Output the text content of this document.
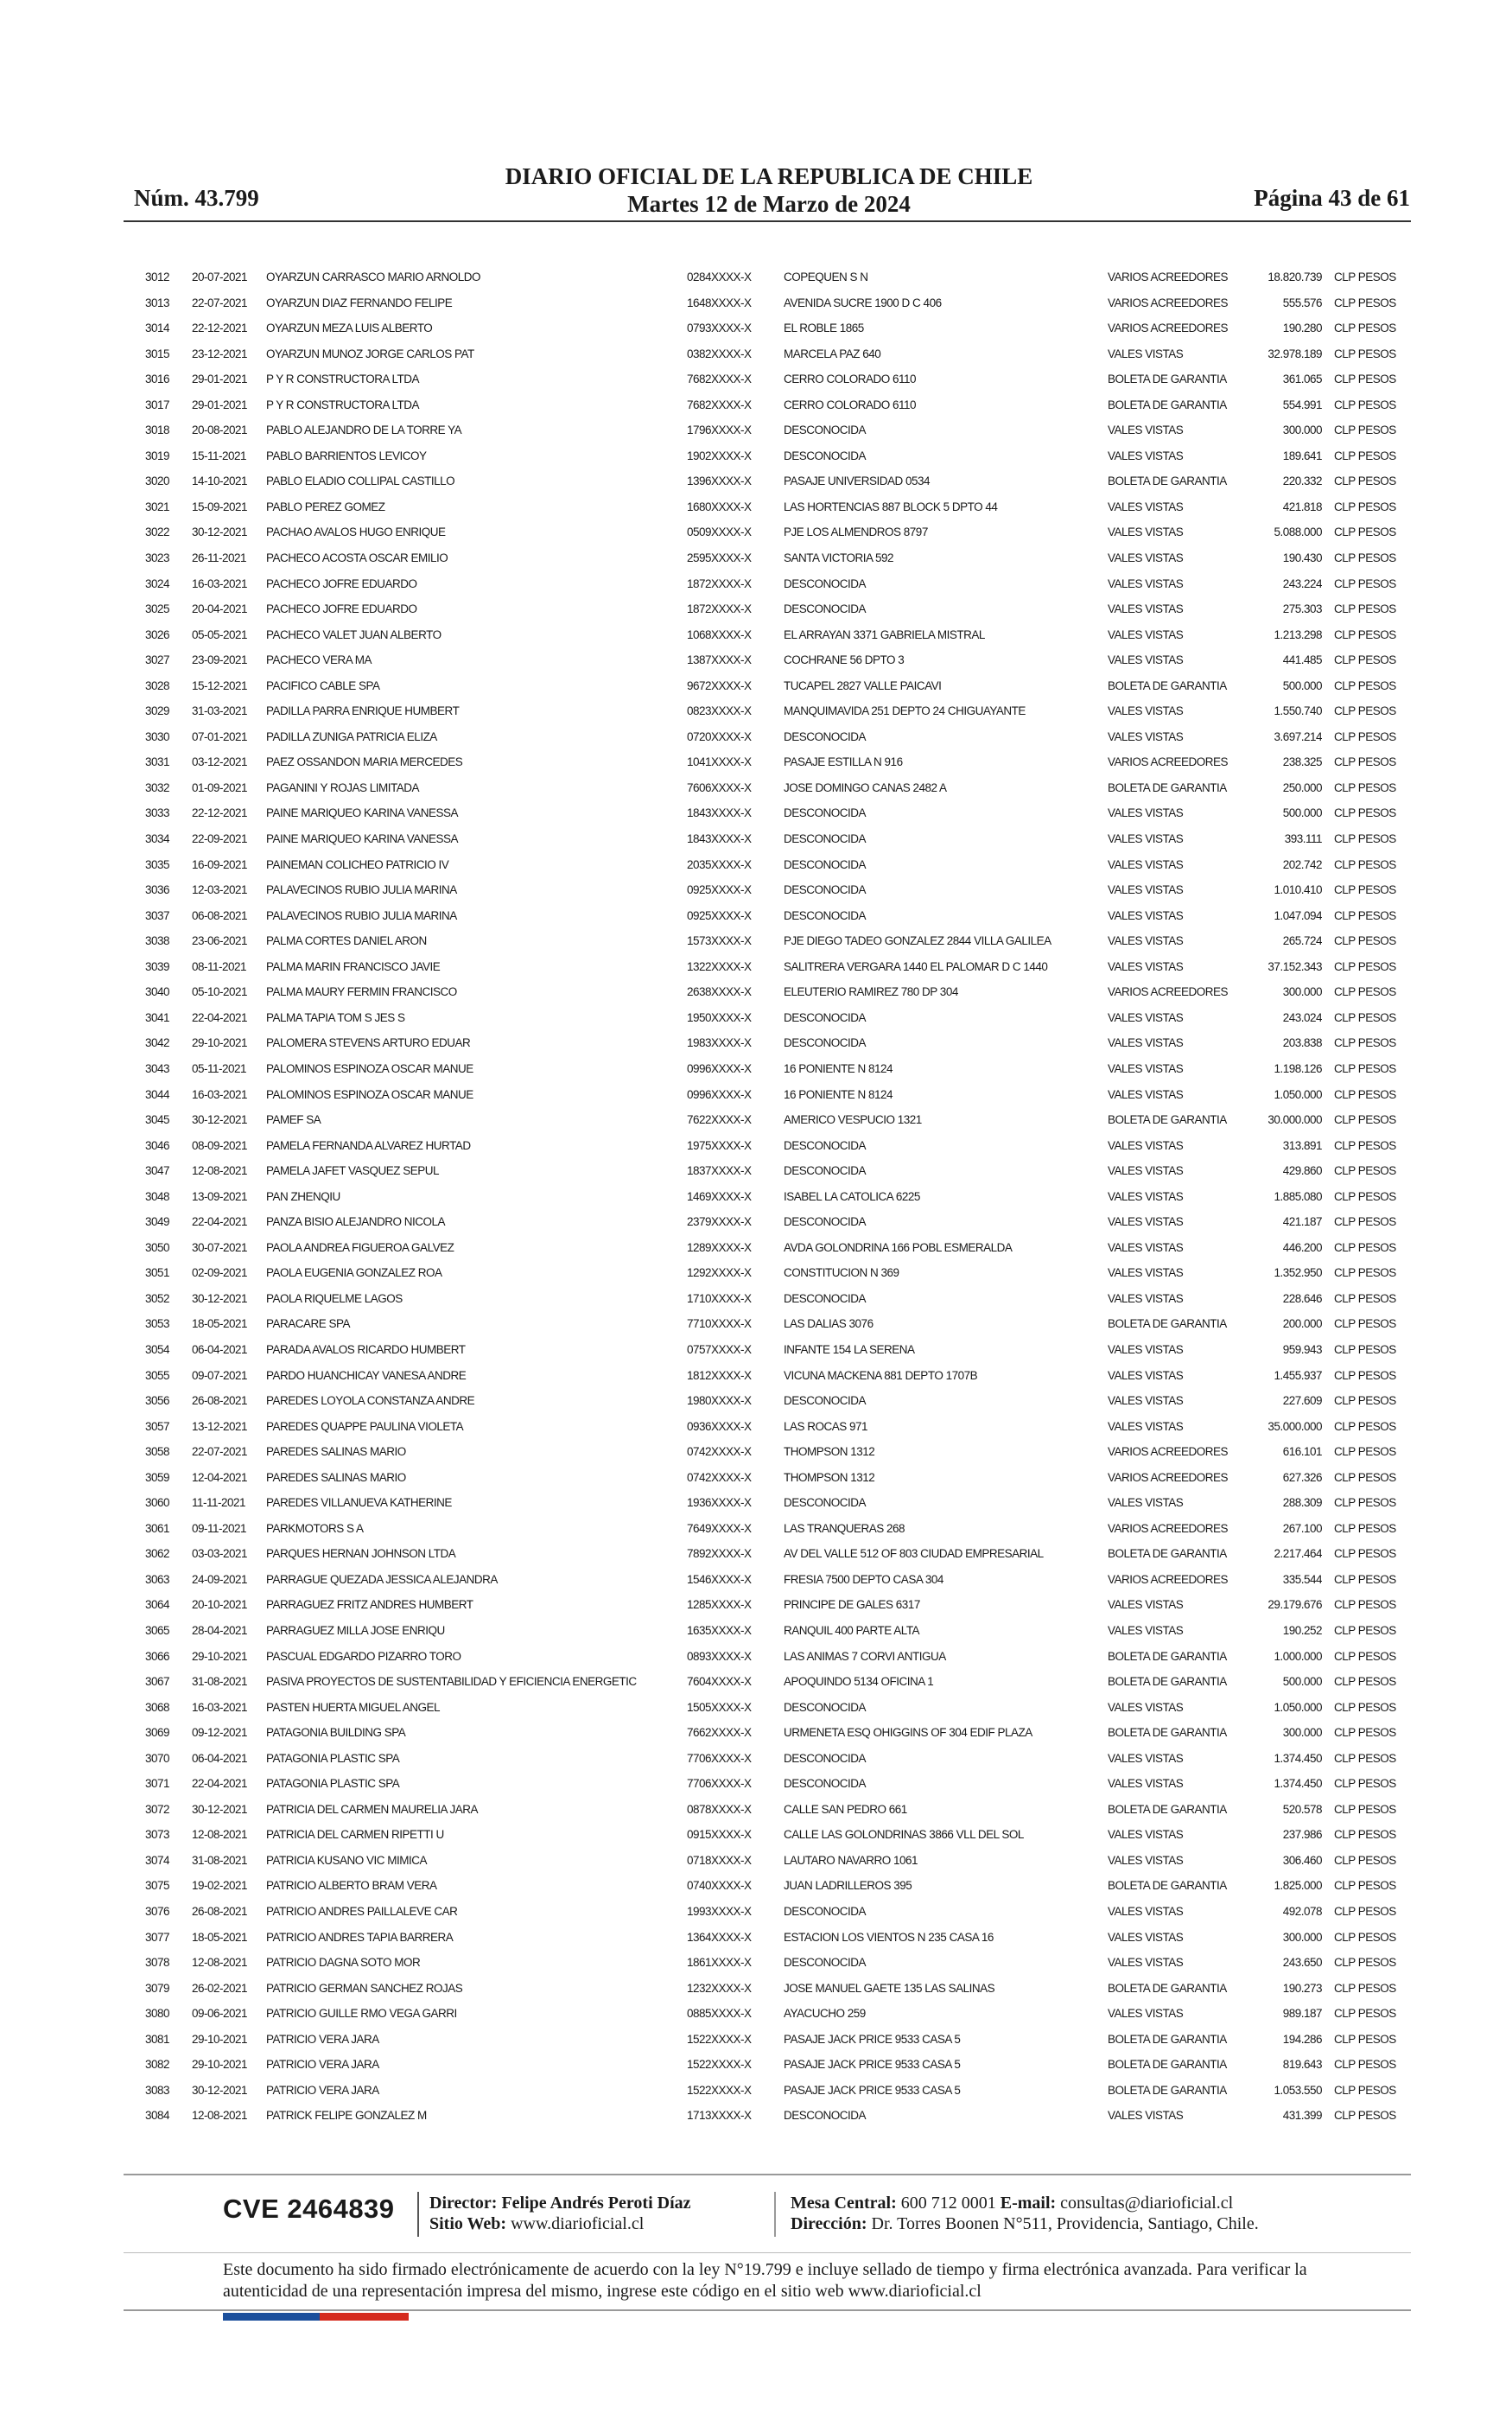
Núm. 43.799
DIARIO OFICIAL DE LA REPUBLICA DE CHILE
Martes 12 de Marzo de 2024	Página 43 de 61
3012	20-07-2021	OYARZUN CARRASCO MARIO ARNOLDO	0284XXXX-X	COPEQUEN S N	VARIOS ACREEDORES	18.820.739 CLP PESOS
3013	22-07-2021	OYARZUN DIAZ FERNANDO FELIPE	1648XXXX-X	AVENIDA SUCRE 1900 D C 406	VARIOS ACREEDORES	555.576 CLP PESOS
3014	22-12-2021	OYARZUN MEZA LUIS ALBERTO	0793XXXX-X	EL ROBLE 1865	VARIOS ACREEDORES	190.280 CLP PESOS
3015	23-12-2021	OYARZUN MUNOZ JORGE CARLOS PAT	0382XXXX-X	MARCELA PAZ 640	VALES VISTAS	32.978.189 CLP PESOS
3016	29-01-2021	P Y R CONSTRUCTORA LTDA	7682XXXX-X	CERRO COLORADO 6110	BOLETA DE GARANTIA	361.065 CLP PESOS
3017	29-01-2021	P Y R CONSTRUCTORA LTDA	7682XXXX-X	CERRO COLORADO 6110	BOLETA DE GARANTIA	554.991 CLP PESOS
3018	20-08-2021	PABLO ALEJANDRO DE LA TORRE YA	1796XXXX-X	DESCONOCIDA	VALES VISTAS	300.000 CLP PESOS
3019	15-11-2021	PABLO BARRIENTOS LEVICOY	1902XXXX-X	DESCONOCIDA	VALES VISTAS	189.641 CLP PESOS
3020	14-10-2021	PABLO ELADIO COLLIPAL CASTILLO	1396XXXX-X	PASAJE UNIVERSIDAD 0534	BOLETA DE GARANTIA	220.332 CLP PESOS
3021	15-09-2021	PABLO PEREZ GOMEZ	1680XXXX-X	LAS HORTENCIAS 887 BLOCK 5 DPTO 44	VALES VISTAS	421.818 CLP PESOS
3022	30-12-2021	PACHAO AVALOS HUGO ENRIQUE	0509XXXX-X	PJE LOS ALMENDROS 8797	VALES VISTAS	5.088.000 CLP PESOS
3023	26-11-2021	PACHECO ACOSTA OSCAR EMILIO	2595XXXX-X	SANTA VICTORIA 592	VALES VISTAS	190.430 CLP PESOS
3024	16-03-2021	PACHECO JOFRE EDUARDO	1872XXXX-X	DESCONOCIDA	VALES VISTAS	243.224 CLP PESOS
3025	20-04-2021	PACHECO JOFRE EDUARDO	1872XXXX-X	DESCONOCIDA	VALES VISTAS	275.303 CLP PESOS
3026	05-05-2021	PACHECO VALET JUAN ALBERTO	1068XXXX-X	EL ARRAYAN 3371 GABRIELA MISTRAL	VALES VISTAS	1.213.298 CLP PESOS
3027	23-09-2021	PACHECO VERA MA	1387XXXX-X	COCHRANE 56 DPTO 3	VALES VISTAS	441.485 CLP PESOS
3028	15-12-2021	PACIFICO CABLE SPA	9672XXXX-X	TUCAPEL 2827 VALLE PAICAVI	BOLETA DE GARANTIA	500.000 CLP PESOS
3029	31-03-2021	PADILLA PARRA ENRIQUE HUMBERT	0823XXXX-X	MANQUIMAVIDA 251 DEPTO 24 CHIGUAYANTE	VALES VISTAS	1.550.740 CLP PESOS
3030	07-01-2021	PADILLA ZUNIGA PATRICIA ELIZA	0720XXXX-X	DESCONOCIDA	VALES VISTAS	3.697.214 CLP PESOS
3031	03-12-2021	PAEZ OSSANDON MARIA MERCEDES	1041XXXX-X	PASAJE ESTILLA N 916	VARIOS ACREEDORES	238.325 CLP PESOS
3032	01-09-2021	PAGANINI Y ROJAS LIMITADA	7606XXXX-X	JOSE DOMINGO CANAS 2482 A	BOLETA DE GARANTIA	250.000 CLP PESOS
3033	22-12-2021	PAINE MARIQUEO KARINA VANESSA	1843XXXX-X	DESCONOCIDA	VALES VISTAS	500.000 CLP PESOS
3034	22-09-2021	PAINE MARIQUEO KARINA VANESSA	1843XXXX-X	DESCONOCIDA	VALES VISTAS	393.111 CLP PESOS
3035	16-09-2021	PAINEMAN COLICHEO PATRICIO IV	2035XXXX-X	DESCONOCIDA	VALES VISTAS	202.742 CLP PESOS
3036	12-03-2021	PALAVECINOS RUBIO JULIA MARINA	0925XXXX-X	DESCONOCIDA	VALES VISTAS	1.010.410 CLP PESOS
3037	06-08-2021	PALAVECINOS RUBIO JULIA MARINA	0925XXXX-X	DESCONOCIDA	VALES VISTAS	1.047.094 CLP PESOS
3038	23-06-2021	PALMA CORTES DANIEL ARON	1573XXXX-X	PJE DIEGO TADEO GONZALEZ 2844 VILLA GALILEA	VALES VISTAS	265.724 CLP PESOS
3039	08-11-2021	PALMA MARIN FRANCISCO JAVIE	1322XXXX-X	SALITRERA VERGARA 1440 EL PALOMAR D C 1440	VALES VISTAS	37.152.343 CLP PESOS
3040	05-10-2021	PALMA MAURY FERMIN FRANCISCO	2638XXXX-X	ELEUTERIO RAMIREZ 780 DP 304	VARIOS ACREEDORES	300.000 CLP PESOS
3041	22-04-2021	PALMA TAPIA TOM S JES S	1950XXXX-X	DESCONOCIDA	VALES VISTAS	243.024 CLP PESOS
3042	29-10-2021	PALOMERA STEVENS ARTURO EDUAR	1983XXXX-X	DESCONOCIDA	VALES VISTAS	203.838 CLP PESOS
3043	05-11-2021	PALOMINOS ESPINOZA OSCAR MANUE	0996XXXX-X	16 PONIENTE N 8124	VALES VISTAS	1.198.126 CLP PESOS
3044	16-03-2021	PALOMINOS ESPINOZA OSCAR MANUE	0996XXXX-X	16 PONIENTE N 8124	VALES VISTAS	1.050.000 CLP PESOS
3045	30-12-2021	PAMEF SA	7622XXXX-X	AMERICO VESPUCIO 1321	BOLETA DE GARANTIA	30.000.000 CLP PESOS
3046	08-09-2021	PAMELA FERNANDA ALVAREZ HURTAD	1975XXXX-X	DESCONOCIDA	VALES VISTAS	313.891 CLP PESOS
3047	12-08-2021	PAMELA JAFET VASQUEZ SEPUL	1837XXXX-X	DESCONOCIDA	VALES VISTAS	429.860 CLP PESOS
3048	13-09-2021	PAN ZHENQIU	1469XXXX-X	ISABEL LA CATOLICA 6225	VALES VISTAS	1.885.080 CLP PESOS
3049	22-04-2021	PANZA BISIO ALEJANDRO NICOLA	2379XXXX-X	DESCONOCIDA	VALES VISTAS	421.187 CLP PESOS
3050	30-07-2021	PAOLA ANDREA FIGUEROA GALVEZ	1289XXXX-X	AVDA GOLONDRINA 166 POBL ESMERALDA	VALES VISTAS	446.200 CLP PESOS
3051	02-09-2021	PAOLA EUGENIA GONZALEZ ROA	1292XXXX-X	CONSTITUCION N 369	VALES VISTAS	1.352.950 CLP PESOS
3052	30-12-2021	PAOLA RIQUELME LAGOS	1710XXXX-X	DESCONOCIDA	VALES VISTAS	228.646 CLP PESOS
3053	18-05-2021	PARACARE SPA	7710XXXX-X	LAS DALIAS 3076	BOLETA DE GARANTIA	200.000 CLP PESOS
3054	06-04-2021	PARADA AVALOS RICARDO HUMBERT	0757XXXX-X	INFANTE 154 LA SERENA	VALES VISTAS	959.943 CLP PESOS
3055	09-07-2021	PARDO HUANCHICAY VANESA ANDRE	1812XXXX-X	VICUNA MACKENA 881 DEPTO 1707B	VALES VISTAS	1.455.937 CLP PESOS
3056	26-08-2021	PAREDES LOYOLA CONSTANZA ANDRE	1980XXXX-X	DESCONOCIDA	VALES VISTAS	227.609 CLP PESOS
3057	13-12-2021	PAREDES QUAPPE PAULINA VIOLETA	0936XXXX-X	LAS ROCAS 971	VALES VISTAS	35.000.000 CLP PESOS
3058	22-07-2021	PAREDES SALINAS MARIO	0742XXXX-X	THOMPSON 1312	VARIOS ACREEDORES	616.101 CLP PESOS
3059	12-04-2021	PAREDES SALINAS MARIO	0742XXXX-X	THOMPSON 1312	VARIOS ACREEDORES	627.326 CLP PESOS
3060	11-11-2021	PAREDES VILLANUEVA KATHERINE	1936XXXX-X	DESCONOCIDA	VALES VISTAS	288.309 CLP PESOS
3061	09-11-2021	PARKMOTORS S A	7649XXXX-X	LAS TRANQUERAS 268	VARIOS ACREEDORES	267.100 CLP PESOS
3062	03-03-2021	PARQUES HERNAN JOHNSON LTDA	7892XXXX-X	AV DEL VALLE 512 OF 803 CIUDAD EMPRESARIAL	BOLETA DE GARANTIA	2.217.464 CLP PESOS
3063	24-09-2021	PARRAGUE QUEZADA JESSICA ALEJANDRA	1546XXXX-X	FRESIA 7500 DEPTO CASA 304	VARIOS ACREEDORES	335.544 CLP PESOS
3064	20-10-2021	PARRAGUEZ FRITZ ANDRES HUMBERT	1285XXXX-X	PRINCIPE DE GALES 6317	VALES VISTAS	29.179.676 CLP PESOS
3065	28-04-2021	PARRAGUEZ MILLA JOSE ENRIQU	1635XXXX-X	RANQUIL 400 PARTE ALTA	VALES VISTAS	190.252 CLP PESOS
3066	29-10-2021	PASCUAL EDGARDO PIZARRO TORO	0893XXXX-X	LAS ANIMAS 7 CORVI ANTIGUA	BOLETA DE GARANTIA	1.000.000 CLP PESOS
3067	31-08-2021	PASIVA PROYECTOS DE SUSTENTABILIDAD Y EFICIENCIA ENERGETIC	7604XXXX-X	APOQUINDO 5134 OFICINA 1	BOLETA DE GARANTIA	500.000 CLP PESOS
3068	16-03-2021	PASTEN HUERTA MIGUEL ANGEL	1505XXXX-X	DESCONOCIDA	VALES VISTAS	1.050.000 CLP PESOS
3069	09-12-2021	PATAGONIA BUILDING SPA	7662XXXX-X	URMENETA ESQ OHIGGINS OF 304 EDIF PLAZA	BOLETA DE GARANTIA	300.000 CLP PESOS
3070	06-04-2021	PATAGONIA PLASTIC SPA	7706XXXX-X	DESCONOCIDA	VALES VISTAS	1.374.450 CLP PESOS
3071	22-04-2021	PATAGONIA PLASTIC SPA	7706XXXX-X	DESCONOCIDA	VALES VISTAS	1.374.450 CLP PESOS
3072	30-12-2021	PATRICIA DEL CARMEN MAURELIA JARA	0878XXXX-X	CALLE SAN PEDRO 661	BOLETA DE GARANTIA	520.578 CLP PESOS
3073	12-08-2021	PATRICIA DEL CARMEN RIPETTI U	0915XXXX-X	CALLE LAS GOLONDRINAS 3866 VLL DEL SOL	VALES VISTAS	237.986 CLP PESOS
3074	31-08-2021	PATRICIA KUSANO VIC MIMICA	0718XXXX-X	LAUTARO NAVARRO 1061	VALES VISTAS	306.460 CLP PESOS
3075	19-02-2021	PATRICIO ALBERTO BRAM VERA	0740XXXX-X	JUAN LADRILLEROS 395	BOLETA DE GARANTIA	1.825.000 CLP PESOS
3076	26-08-2021	PATRICIO ANDRES PAILLALEVE CAR	1993XXXX-X	DESCONOCIDA	VALES VISTAS	492.078 CLP PESOS
3077	18-05-2021	PATRICIO ANDRES TAPIA BARRERA	1364XXXX-X	ESTACION LOS VIENTOS N 235 CASA 16	VALES VISTAS	300.000 CLP PESOS
3078	12-08-2021	PATRICIO DAGNA SOTO MOR	1861XXXX-X	DESCONOCIDA	VALES VISTAS	243.650 CLP PESOS
3079	26-02-2021	PATRICIO GERMAN SANCHEZ ROJAS	1232XXXX-X	JOSE MANUEL GAETE 135 LAS SALINAS	BOLETA DE GARANTIA	190.273 CLP PESOS
3080	09-06-2021	PATRICIO GUILLE RMO VEGA GARRI	0885XXXX-X	AYACUCHO 259	VALES VISTAS	989.187 CLP PESOS
3081	29-10-2021	PATRICIO VERA JARA	1522XXXX-X	PASAJE JACK PRICE 9533 CASA 5	BOLETA DE GARANTIA	194.286 CLP PESOS
3082	29-10-2021	PATRICIO VERA JARA	1522XXXX-X	PASAJE JACK PRICE 9533 CASA 5	BOLETA DE GARANTIA	819.643 CLP PESOS
3083	30-12-2021	PATRICIO VERA JARA	1522XXXX-X	PASAJE JACK PRICE 9533 CASA 5	BOLETA DE GARANTIA	1.053.550 CLP PESOS
3084	12-08-2021	PATRICK FELIPE GONZALEZ M	1713XXXX-X	DESCONOCIDA	VALES VISTAS	431.399 CLP PESOS
CVE 2464839 Director: Felipe Andrés Peroti Díaz
Sitio Web: www.diarioficial.cl
Mesa Central: 600 712 0001 E-mail: consultas@diarioficial.cl
Dirección: Dr. Torres Boonen N°511, Providencia, Santiago, Chile.
Este documento ha sido firmado electrónicamente de acuerdo con la ley N°19.799 e incluye sellado de tiempo y firma electrónica avanzada. Para verificar la autenticidad de una representación impresa del mismo, ingrese este código en el sitio web www.diarioficial.cl
